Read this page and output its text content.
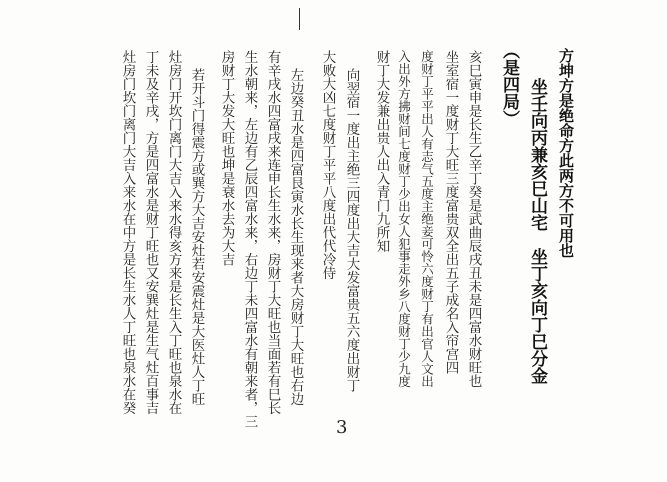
方坤方是绝命方此两方不可用也
坐壬向丙兼亥巳山宅　坐丁亥向丁巳分金
（是四局）
亥巳寅申是长生乙辛丁癸是武曲辰戌丑未是四富水财旺也
坐室宿一度财丁大旺三度富贵双全出五子成名入帘宫四
度财丁平平出人有志气五度主绝妾可怜六度财丁有出官人文出
入出外方拂财间七度财丁少出女人犯事走外乡八度财丁少九度
财丁大发兼出贵人出入青门九所知
向翌宿一度出主绝三四度出大吉大发富贵五六度出财丁
大败大凶七度财丁平平八度出代代冷侍
左边癸丑水是四富艮寅水长生现来者大房财丁大旺也右边
有辛戌水四富戌来连申长生水来，房财丁大旺也当面若有巳长
生水朝来，左边有乙辰四富水来，右边丁未四富水有朝来者，三
房财丁大发大旺也坤是衰水去为大吉
若开斗门得震方或巽方大吉安灶若安震灶是大医灶人丁旺
灶房门开坎门离门大吉入来水得亥方来是长生入丁旺也泉水在
丁未及辛戌，方是四富水是财丁旺也又安巽灶是生气灶百事吉
灶房门坎门离门大吉入来水在中方是长生水人丁旺也泉水在癸
3
